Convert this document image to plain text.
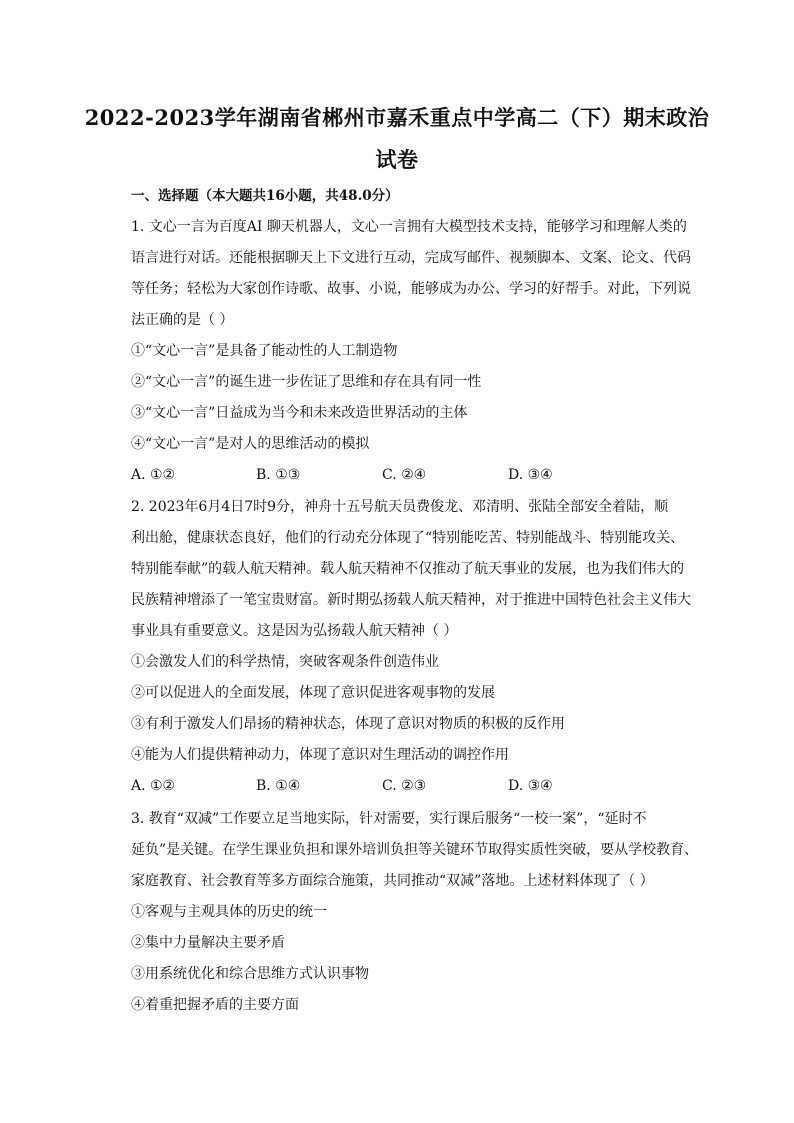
2022-2023学年湖南省郴州市嘉禾重点中学高二（下）期末政治
试卷
一、选择题（本大题共16小题，共48.0分）
1. 文心一言为百度AI 聊天机器人，文心一言拥有大模型技术支持，能够学习和理解人类的
语言进行对话。还能根据聊天上下文进行互动，完成写邮件、视频脚本、文案、论文、代码
等任务；轻松为大家创作诗歌、故事、小说，能够成为办公、学习的好帮手。对此，下列说
法正确的是（ ）
①“文心一言”是具备了能动性的人工制造物
②“文心一言”的诞生进一步佐证了思维和存在具有同一性
③“文心一言”日益成为当今和未来改造世界活动的主体
④“文心一言”是对人的思维活动的模拟
A. ①②	B. ①③	C. ②④	D. ③④
2. 2023年6月4日7时9分，神舟十五号航天员费俊龙、邓清明、张陆全部安全着陆，顺
利出舱，健康状态良好，他们的行动充分体现了“特别能吃苦、特别能战斗、特别能攻关、
特别能奉献”的载人航天精神。载人航天精神不仅推动了航天事业的发展，也为我们伟大的
民族精神增添了一笔宝贵财富。新时期弘扬载人航天精神，对于推进中国特色社会主义伟大
事业具有重要意义。这是因为弘扬载人航天精神（ ）
①会激发人们的科学热情，突破客观条件创造伟业
②可以促进人的全面发展，体现了意识促进客观事物的发展
③有利于激发人们昂扬的精神状态，体现了意识对物质的积极的反作用
④能为人们提供精神动力，体现了意识对生理活动的调控作用
A. ①②	B. ①④	C. ②③	D. ③④
3. 教育“双减”工作要立足当地实际，针对需要，实行课后服务“一校一案”，“延时不
延负”是关键。在学生课业负担和课外培训负担等关键环节取得实质性突破，要从学校教育、
家庭教育、社会教育等多方面综合施策，共同推动“双减”落地。上述材料体现了（ ）
①客观与主观具体的历史的统一
②集中力量解决主要矛盾
③用系统优化和综合思维方式认识事物
④着重把握矛盾的主要方面
